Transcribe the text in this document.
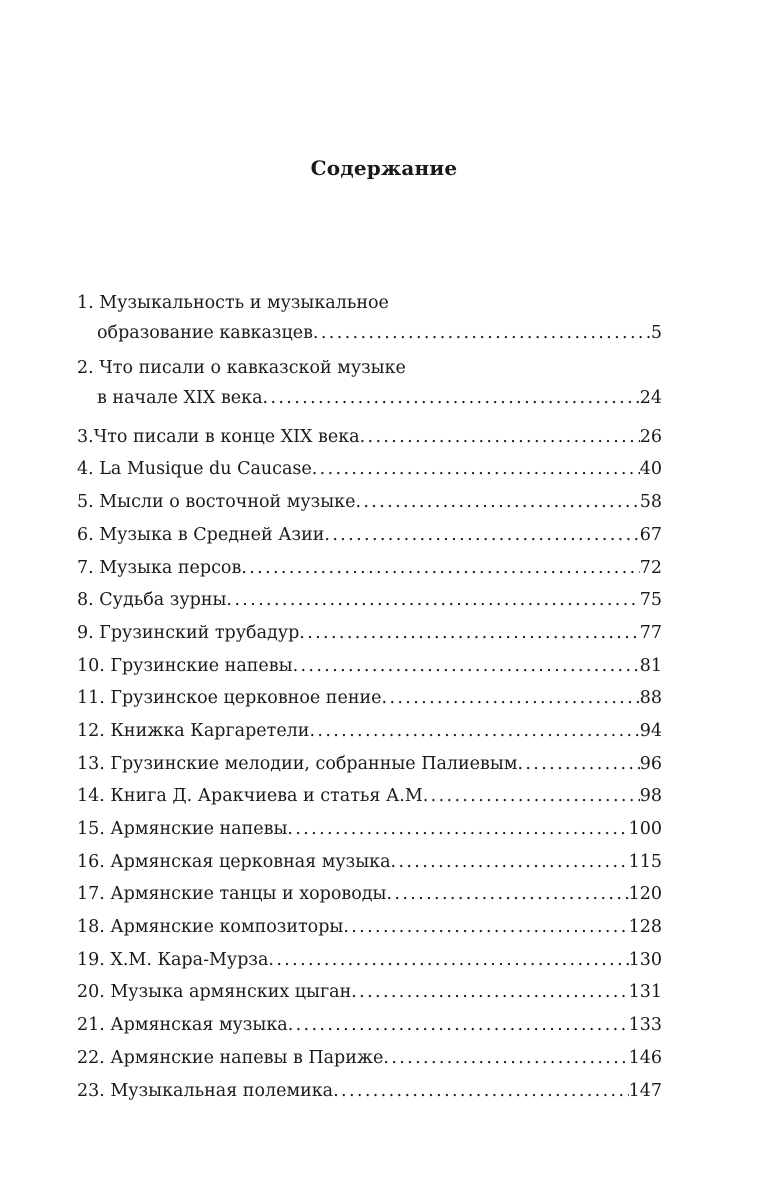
Содержание
1. Музыкальность и музыкальное
образование кавказцев . . .	5
2. Что писали о кавказской музыке
в начале XIX века . . .	24
3.Что писали в конце XIX века . . .	26
4. La Musique du Caucase . . .	40
5. Мысли о восточной музыке . . .	58
6. Музыка в Средней Азии . . .	67
7. Музыка персов . . .	72
8. Судьба зурны . . .	75
9. Грузинский трубадур . . .	77
10. Грузинские напевы . . .	81
11. Грузинское церковное пение . . .	88
12. Книжка Каргаретели . . .	94
13. Грузинские мелодии, собранные Палиевым . . .	96
14. Книга Д. Аракчиева и статья А.М . . .	98
15. Армянские напевы . . .	100
16. Армянская церковная музыка . . .	115
17. Армянские танцы и хороводы . . .	120
18. Армянские композиторы . . .	128
19. Х.М. Кара-Мурза . . .	130
20. Музыка армянских цыган . . .	131
21. Армянская музыка . . .	133
22. Армянские напевы в Париже . . .	146
23. Музыкальная полемика . . .	147
